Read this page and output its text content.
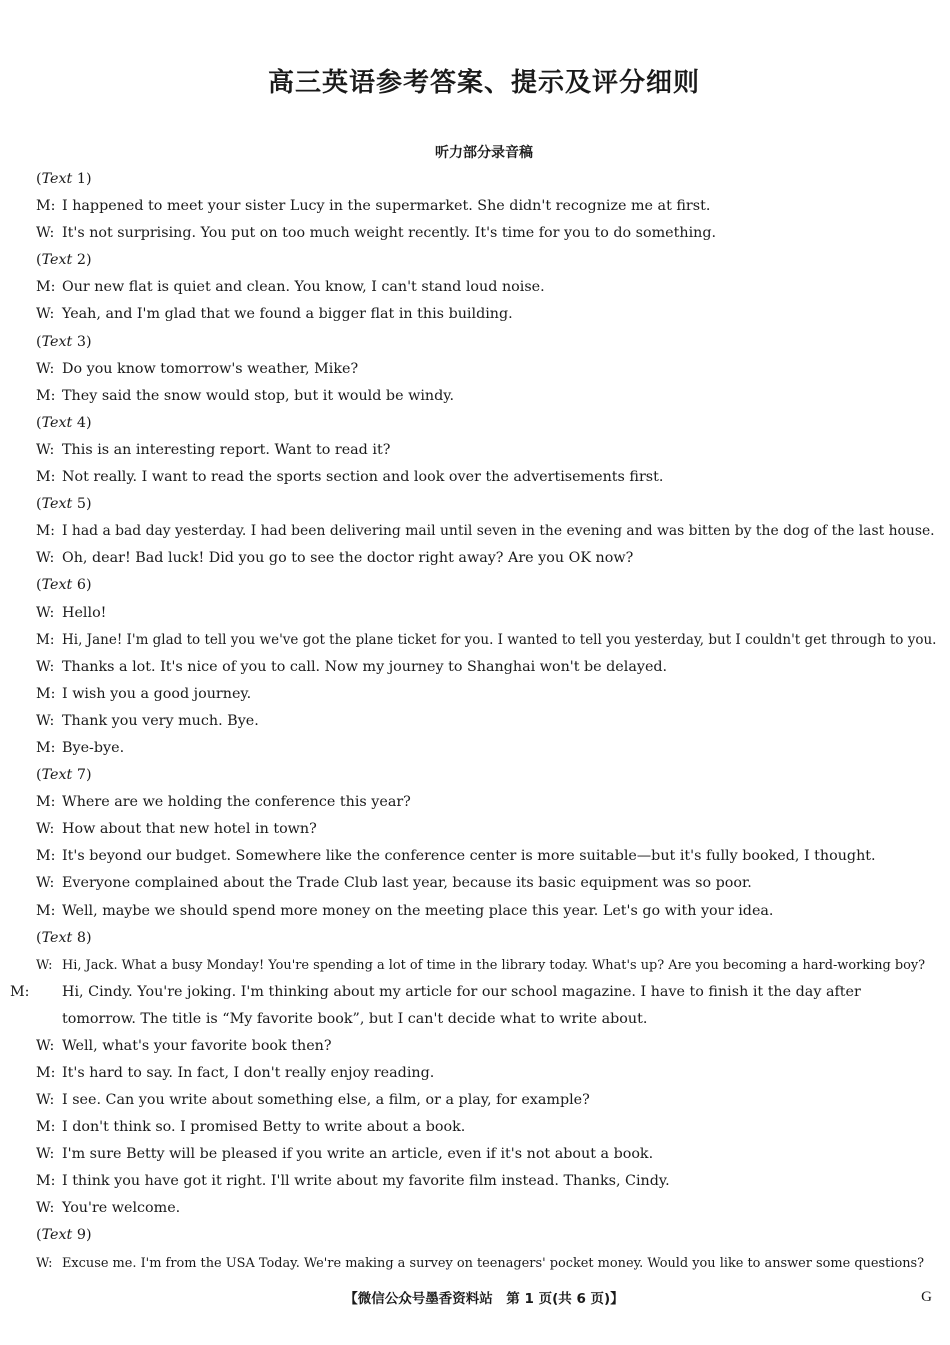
高三英语参考答案、提示及评分细则
听力部分录音稿
(Text 1)
M: I happened to meet your sister Lucy in the supermarket. She didn't recognize me at first.
W: It's not surprising. You put on too much weight recently. It's time for you to do something.
(Text 2)
M: Our new flat is quiet and clean. You know, I can't stand loud noise.
W: Yeah, and I'm glad that we found a bigger flat in this building.
(Text 3)
W: Do you know tomorrow's weather, Mike?
M: They said the snow would stop, but it would be windy.
(Text 4)
W: This is an interesting report. Want to read it?
M: Not really. I want to read the sports section and look over the advertisements first.
(Text 5)
M: I had a bad day yesterday. I had been delivering mail until seven in the evening and was bitten by the dog of the last house.
W: Oh, dear! Bad luck! Did you go to see the doctor right away? Are you OK now?
(Text 6)
W: Hello!
M: Hi, Jane! I'm glad to tell you we've got the plane ticket for you. I wanted to tell you yesterday, but I couldn't get through to you.
W: Thanks a lot. It's nice of you to call. Now my journey to Shanghai won't be delayed.
M: I wish you a good journey.
W: Thank you very much. Bye.
M: Bye-bye.
(Text 7)
M: Where are we holding the conference this year?
W: How about that new hotel in town?
M: It's beyond our budget. Somewhere like the conference center is more suitable—but it's fully booked, I thought.
W: Everyone complained about the Trade Club last year, because its basic equipment was so poor.
M: Well, maybe we should spend more money on the meeting place this year. Let's go with your idea.
(Text 8)
W: Hi, Jack. What a busy Monday! You're spending a lot of time in the library today. What's up? Are you becoming a hard-working boy?
M: Hi, Cindy. You're joking. I'm thinking about my article for our school magazine. I have to finish it the day after tomorrow. The title is “My favorite book”, but I can't decide what to write about.
W: Well, what's your favorite book then?
M: It's hard to say. In fact, I don't really enjoy reading.
W: I see. Can you write about something else, a film, or a play, for example?
M: I don't think so. I promised Betty to write about a book.
W: I'm sure Betty will be pleased if you write an article, even if it's not about a book.
M: I think you have got it right. I'll write about my favorite film instead. Thanks, Cindy.
W: You're welcome.
(Text 9)
W: Excuse me. I'm from the USA Today. We're making a survey on teenagers' pocket money. Would you like to answer some questions?
【微信公众号墨香资料站　第 1 页(共 6 页)】	G
